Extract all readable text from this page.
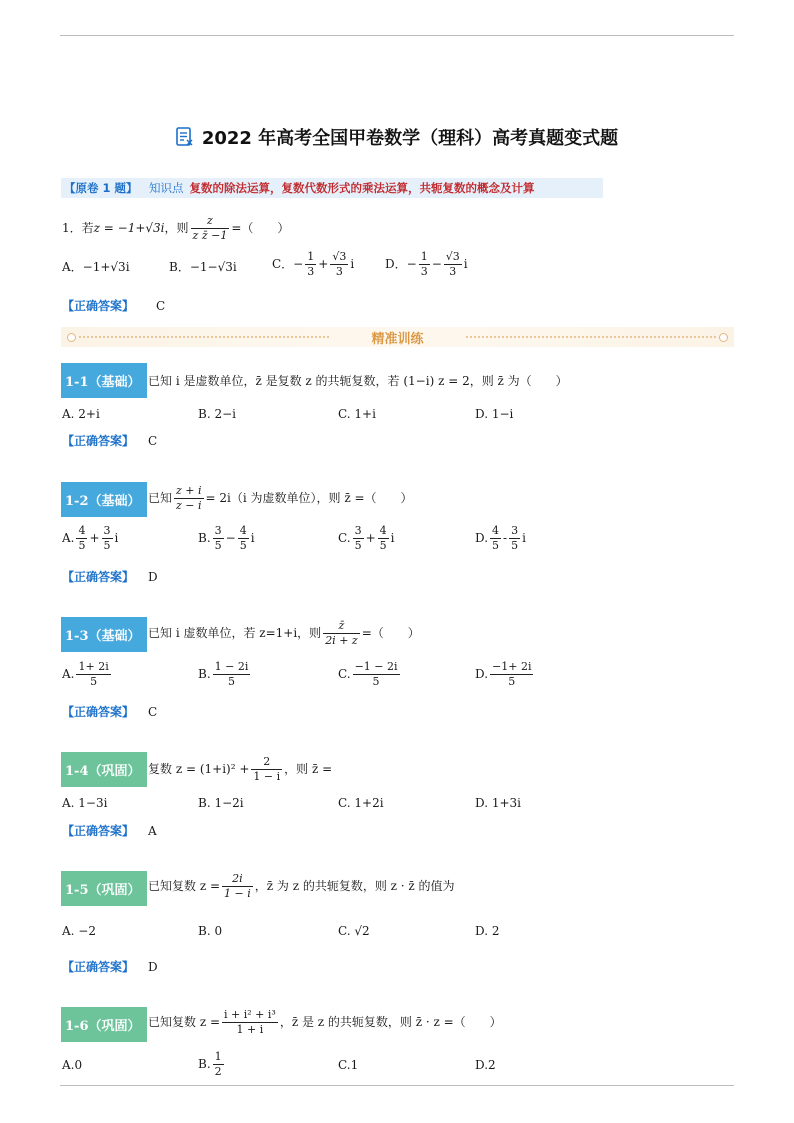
2022 年高考全国甲卷数学（理科）高考真题变式题
【原卷 1 题】 知识点 复数的除法运算，复数代数形式的乘法运算，共轭复数的概念及计算
1．若z = −1+√3i，则 $\frac{z}{\text{z z̄ −1}}$ =（　　）
A．−1+√3i	B．−1−√3i	C．− $\frac{1}{3} + \frac{√3}{3}$ i	D．− $\frac{1}{3} - \frac{√3}{3}$ i
【正确答案】 C
精准训练
1-1（基础） 已知 i 是虚数单位，z̄ 是复数 z 的共轭复数，若 (1−i) z = 2，则 z̄ 为（　　）
A. 2+i	B. 2−i	C. 1+i	D. 1−i
【正确答案】 C
1-2（基础） 已知 $\frac{z + i}{z - i} = 2i(i$ 为虚数单位），则 z̄ =（　　）
A. $\frac{4}{5} + \frac{3}{5}$ i	B. $\frac{3}{5} - \frac{4}{5}$ i	C. $\frac{3}{5} + \frac{4}{5}$ i	D. $\frac{4}{5} - \frac{3}{5}$ i
【正确答案】 D
1-3（基础） 已知 i 虚数单位，若 z=1+i，则 $\frac{z̄}{2i + z}$ =（　　）
A. $\frac{1+ 2i}{5}$	B. $\frac{1 - 2i}{5}$	C. $\frac{-1 - 2i}{5}$	D. $\frac{-1+ 2i}{5}$
【正确答案】 C
1-4（巩固） 复数 $z = (1+i)^2 + \frac{2}{1 - i}$ ，则 z̄ =
A. 1−3i	B. 1−2i	C. 1+2i	D. 1+3i
【正确答案】 A
1-5（巩固） 已知复数 $z = \frac{2i}{1 - i}$ ，z̄ 为 z 的共轭复数，则 z · z̄ 的值为
A. −2	B. 0	C. √2	D. 2
【正确答案】 D
1-6（巩固） 已知复数 $z = \frac{\text{i + i² + i³}}{1 + i}$ ，z̄ 是 z 的共轭复数，则 z̄ · z =（　　）
A.0	B. $\frac{1}{2}$	C.1	D.2
